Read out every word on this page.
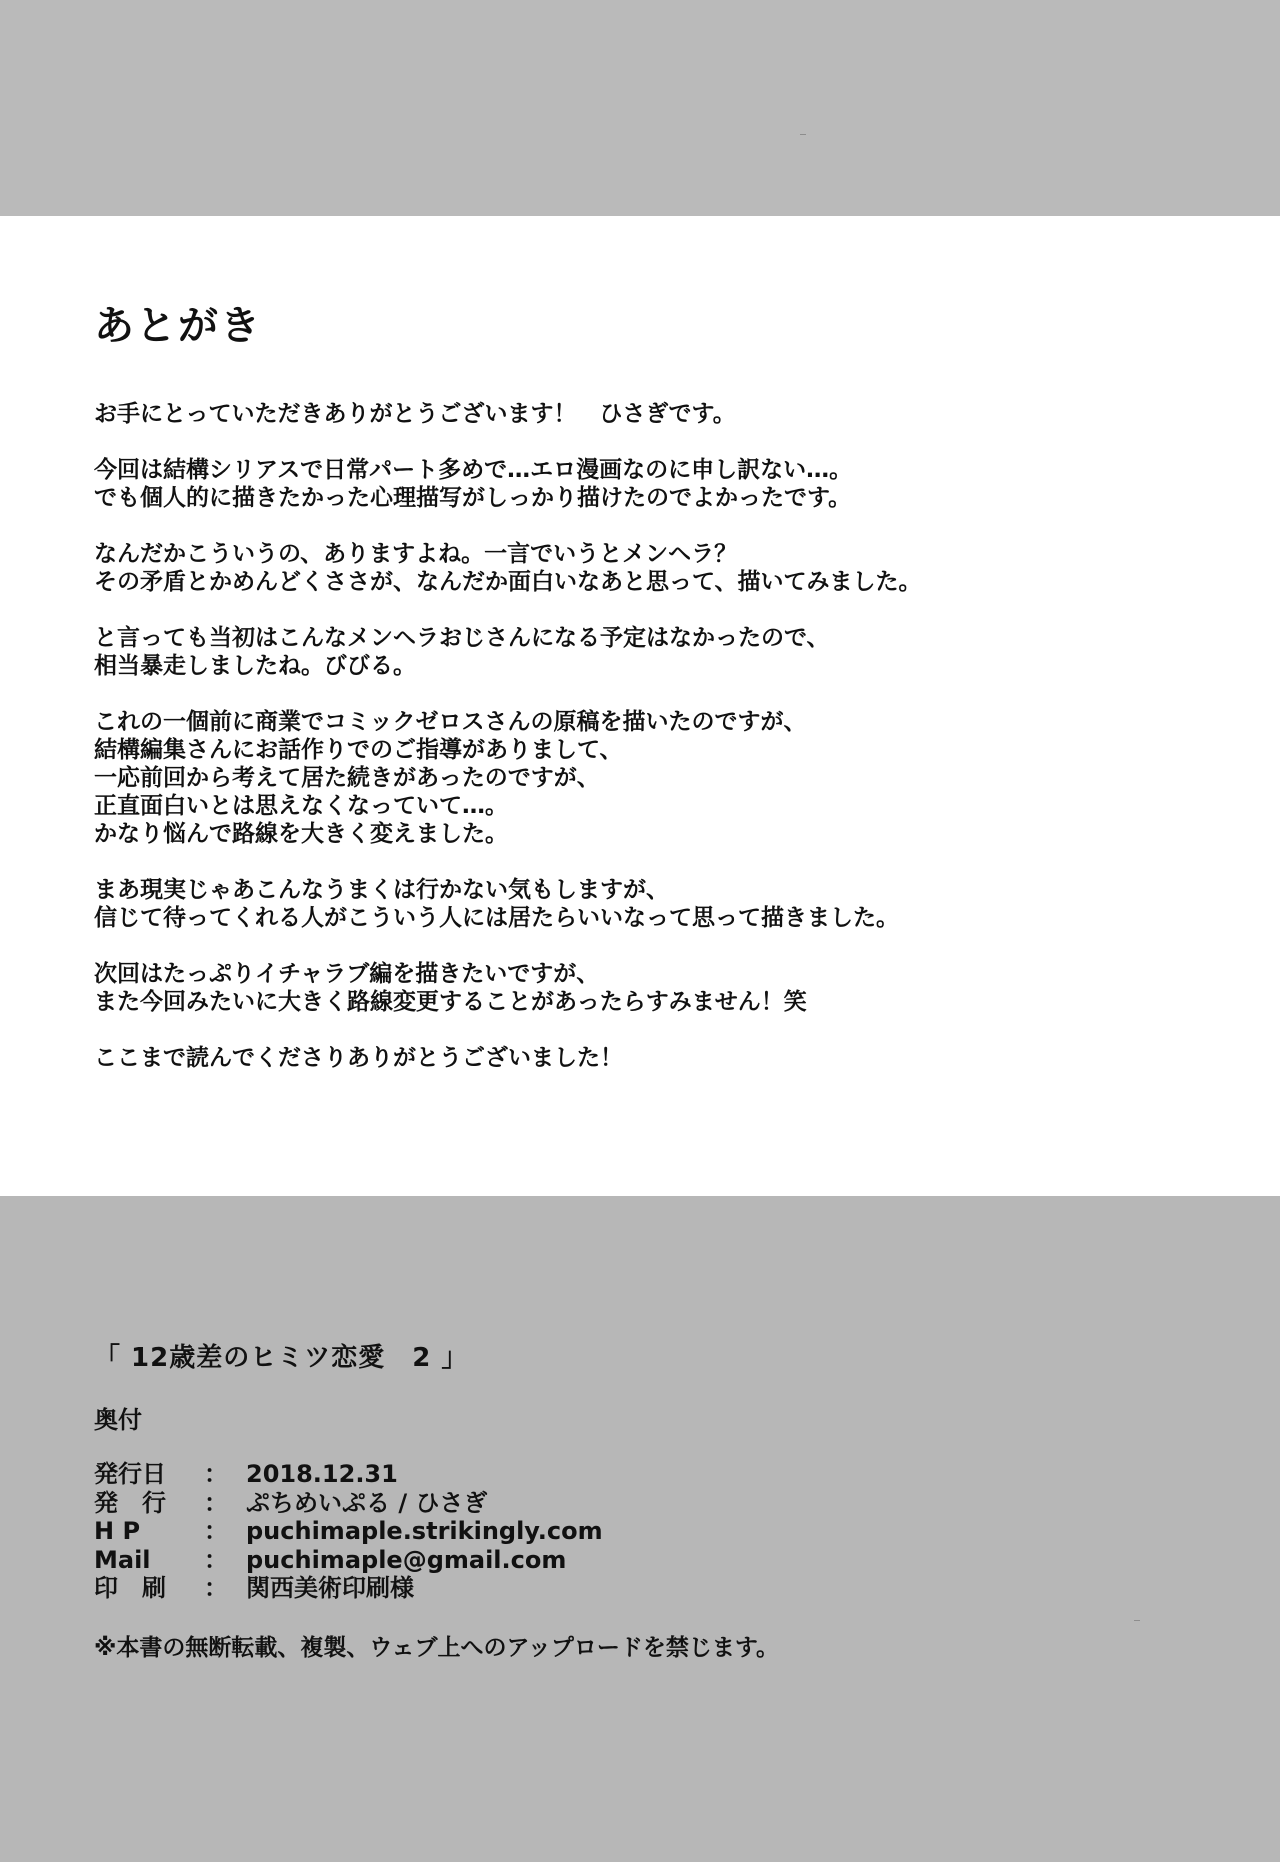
あとがき

お手にとっていただきありがとうございます！　ひさぎです。

今回は結構シリアスで日常パート多めで…エロ漫画なのに申し訳ない…。
でも個人的に描きたかった心理描写がしっかり描けたのでよかったです。

なんだかこういうの、ありますよね。一言でいうとメンヘラ？
その矛盾とかめんどくささが、なんだか面白いなあと思って、描いてみました。

と言っても当初はこんなメンヘラおじさんになる予定はなかったので、
相当暴走しましたね。びびる。

これの一個前に商業でコミックゼロスさんの原稿を描いたのですが、
結構編集さんにお話作りでのご指導がありまして、
一応前回から考えて居た続きがあったのですが、
正直面白いとは思えなくなっていて…。
かなり悩んで路線を大きく変えました。

まあ現実じゃあこんなうまくは行かない気もしますが、
信じて待ってくれる人がこういう人には居たらいいなって思って描きました。

次回はたっぷりイチャラブ編を描きたいですが、
また今回みたいに大きく路線変更することがあったらすみません！笑

ここまで読んでくださりありがとうございました！

「 12歳差のヒミツ恋愛　2 」
奥付
発行日 ： 2018.12.31
発　行 ： ぷちめいぷる / ひさぎ
H P	： puchimaple.strikingly.com
Mail ： puchimaple@gmail.com
印　刷 ： 関西美術印刷様
※本書の無断転載、複製、ウェブ上へのアップロードを禁じます。
